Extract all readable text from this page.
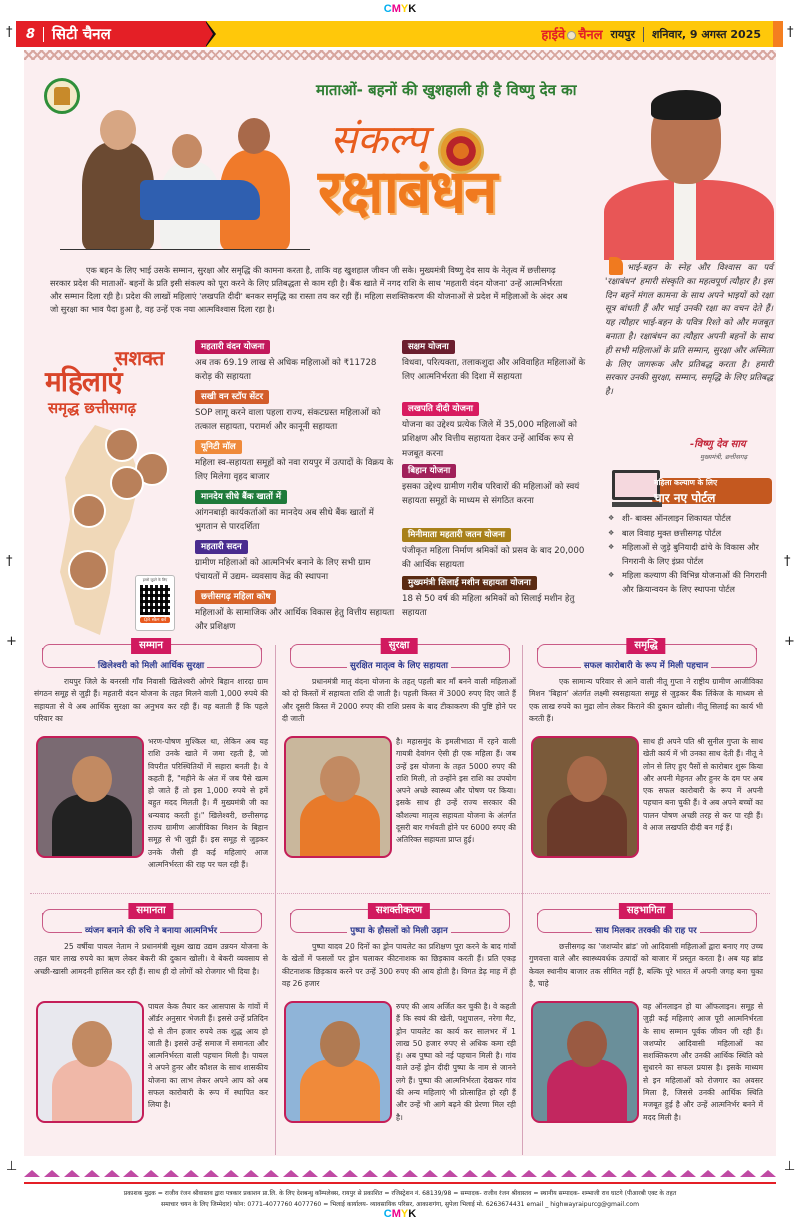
CMYK
†	†
†	†
+	+
⊥	⊥
8	सिटी चैनल	हाईवे चैनल रायपुर	शनिवार, 9 अगस्त 2025
माताओं- बहनों की खुशहाली ही है विष्णु देव का
संकल्प
रक्षाबंधन

एक बहन के लिए भाई उसके सम्मान, सुरक्षा और समृद्धि की कामना करता है, ताकि वह खुशहाल जीवन जी सके। मुख्यमंत्री विष्णु देव साय के नेतृत्व में छत्तीसगढ़ सरकार प्रदेश की माताओं- बहनों के प्रति इसी संकल्प को पूरा करने के लिए प्रतिबद्धता से काम रही है। बैंक खाते में नगद राशि के साथ 'महतारी वंदन योजना' उन्हें आत्मनिर्भरता और सम्मान दिला रही है। प्रदेश की लाखों महिलाएं 'लखपति दीदी' बनकर समृद्धि का रास्ता तय कर रही हैं। महिला सशक्तिकरण की योजनाओं से प्रदेश में महिलाओं के अंदर अब जो सुरक्षा का भाव पैदा हुआ है, वह उन्हें एक नया आत्मविश्वास दिला रहा है।

भाई-बहन के स्नेह और विश्वास का पर्व 'रक्षाबंधन' हमारी संस्कृति का महत्वपूर्ण त्यौहार है। इस दिन बहनें मंगल कामना के साथ अपने भाइयों को रक्षा सूत्र बांधती हैं और भाई उनकी रक्षा का वचन देते हैं। यह त्यौहार भाई-बहन के पवित्र रिश्ते को और मजबूत बनाता है। रक्षाबंधन का त्यौहार अपनी बहनों के साथ ही सभी महिलाओं के प्रति सम्मान, सुरक्षा और अस्मिता के लिए जागरूक और प्रतिबद्ध करता है। हमारी सरकार उनकी सुरक्षा, सम्मान, समृद्धि के लिए प्रतिबद्ध है।
-विष्णु देव साय
मुख्यमंत्री, छत्तीसगढ़
महिला कल्याण के लिए
चार नए पोर्टल
❖ शी- बाक्स ऑनलाइन शिकायत पोर्टल
❖ बाल विवाह मुक्त छत्तीसगढ़ पोर्टल
❖ महिलाओं से जुड़े बुनियादी ढांचे के विकास और निगरानी के लिए इंफ्रा पोर्टल
❖ महिला कल्याण की विभिन्न योजनाओं की निगरानी और क्रियान्वयन के लिए स्थापना पोर्टल
सशक्त
महिलाएं
समृद्ध छत्तीसगढ़
हमसे जुड़ने के लिए
QR स्कैन करें
महतारी वंदन योजना
अब तक 69.19 लाख से अधिक महिलाओं को ₹11728 करोड़ की सहायता
सखी वन स्टॉप सेंटर
SOP लागू करने वाला पहला राज्य, संकटग्रस्त महिलाओं को तत्काल सहायता, परामर्श और कानूनी सहायता
यूनिटी मॉल
महिला स्व-सहायता समूहों को नवा रायपुर में उत्पादों के विक्रय के लिए मिलेगा वृहद बाजार
मानदेय सीधे बैंक खातों में
आंगनबाड़ी कार्यकर्ताओं का मानदेय अब सीधे बैंक खातों में भुगतान से पारदर्शिता
महतारी सदन
ग्रामीण महिलाओं को आत्मनिर्भर बनाने के लिए सभी ग्राम पंचायतों में उद्यम- व्यवसाय केंद्र की स्थापना
छत्तीसगढ़ महिला कोष
महिलाओं के सामाजिक और आर्थिक विकास हेतु वित्तीय सहायता और प्रशिक्षण
सक्षम योजना
विधवा, परित्यक्ता, तलाकशुदा और अविवाहित महिलाओं के लिए आत्मनिर्भरता की दिशा में सहायता
लखपति दीदी योजना
योजना का उद्देश्य प्रत्येक जिले में 35,000 महिलाओं को प्रशिक्षण और वित्तीय सहायता देकर उन्हें आर्थिक रूप से मजबूत करना
बिहान योजना
इसका उद्देश्य ग्रामीण गरीब परिवारों की महिलाओं को स्वयं सहायता समूहों के माध्यम से संगठित करना
मिनीमाता महतारी जतन योजना
पंजीकृत महिला निर्माण श्रमिकों को प्रसव के बाद 20,000 की आर्थिक सहायता
मुख्यमंत्री सिलाई मशीन सहायता योजना
18 से 50 वर्ष की महिला श्रमिकों को सिलाई मशीन हेतु सहायता
सम्मान
खिलेश्वरी को मिली आर्थिक सुरक्षा
रायपुर जिले के बनरसी गाँव निवासी खिलेश्वरी ओगरे बिहान शारदा ग्राम संगठन समूह से जुड़ी हैं। महतारी वंदन योजना के तहत मिलने वाली 1,000 रुपये की सहायता से वे अब आर्थिक सुरक्षा का अनुभव कर रही हैं। वह बताती हैं कि पहले परिवार का
भरण-पोषण मुश्किल था, लेकिन अब यह राशि उनके खाते में जमा रहती है, जो विपरीत परिस्थितियों में सहारा बनती है। वे कहती हैं, "महीने के अंत में जब पैसे खत्म हो जाते हैं तो इस 1,000 रुपये से हमें बहुत मदद मिलती है। मैं मुख्यमंत्री जी का धन्यवाद करती हूं।" खिलेश्वरी, छत्तीसगढ़ राज्य ग्रामीण आजीविका मिशन के बिहान समूह से भी जुड़ी हैं। इस समूह से जुड़कर उनके जैसी ही कई महिलाएं आज आत्मनिर्भरता की राह पर चल रही हैं।
सुरक्षा
सुरक्षित मातृत्व के लिए सहायता
प्रधानमंत्री मातृ वंदना योजना के तहत् पहली बार माँ बनने वाली महिलाओं को दो किस्तों में सहायता राशि दी जाती है। पहली किस्त में 3000 रुपए दिए जाते हैं और दूसरी किस्त में 2000 रुपए की राशि प्रसव के बाद टीकाकरण की पुष्टि होने पर दी जाती
है। महासमुंद के इमलीभाठा में रहने वाली गायत्री देवांगन ऐसी ही एक महिला हैं। जब उन्हें इस योजना के तहत 5000 रुपए की राशि मिली, तो उन्होंने इस राशि का उपयोग अपने अच्छे स्वास्थ्य और पोषण पर किया। इसके साथ ही उन्हें राज्य सरकार की कौशल्या मातृत्व सहायता योजना के अंतर्गत दूसरी बार गर्भवती होने पर 6000 रुपए की अतिरिक्त सहायता प्राप्त हुई।
समृद्धि
सफल कारोबारी के रूप में मिली पहचान
एक सामान्य परिवार से आने वाली नीतू गुप्ता ने राष्ट्रीय ग्रामीण आजीविका मिशन 'बिहान' अंतर्गत लक्ष्मी स्वसहायता समूह से जुड़कर बैंक लिंकेज के माध्यम से एक लाख रुपये का मुद्रा लोन लेकर किराने की दुकान खोली। नीतू सिलाई का कार्य भी करती हैं।
साथ ही अपने पति श्री सुनील गुप्ता के साथ खेती कार्य में भी उनका साथ देती हैं। नीतू ने लोन से लिए हुए पैसों से कारोबार शुरू किया और अपनी मेहनत और हुनर के दम पर अब एक सफल कारोबारी के रूप में अपनी पहचान बना चुकी हैं। वे अब अपने बच्चों का पालन पोषण अच्छी तरह से कर पा रही हैं। वे आज लखपति दीदी बन गई हैं।
समानता
व्यंजन बनाने की रुचि ने बनाया आत्मनिर्भर
25 वर्षीया पायल नेताम ने प्रधानमंत्री सूक्ष्म खाद्य उद्यम उन्नयन योजना के तहत चार लाख रुपये का ऋण लेकर बेकरी की दुकान खोली। वे बेकरी व्यवसाय से अच्छी-खासी आमदनी हासिल कर रही हैं। साथ ही दो लोगों को रोजगार भी दिया है।
पायल केक तैयार कर आसपास के गांवों में ऑर्डर अनुसार भेजती हैं। इससे उन्हें प्रतिदिन दो से तीन हजार रुपये तक शुद्ध आय हो जाती है। इससे उन्हें समाज में समानता और आत्मनिर्भरता वाली पहचान मिली है। पायल ने अपने हुनर और कौशल के साथ शासकीय योजना का लाभ लेकर अपने आप को अब सफल कारोबारी के रूप में स्थापित कर लिया है।
सशक्तीकरण
पुष्पा के हौसलों को मिली उड़ान
पुष्पा यादव 20 दिनों का ड्रोन पायलेट का प्रशिक्षण पूरा करने के बाद गांवों के खेतों में फसलों पर ड्रोन चलाकर कीटनाशक का छिड़काव करती हैं। प्रति एकड़ कीटनाशक छिड़काव करने पर उन्हें 300 रुपए की आय होती है। विगत डेढ़ माह में ही वह 26 हजार
रुपए की आय अर्जित कर चुकी है। वे कहती हैं कि स्वयं की खेती, पशुपालन, नरेगा मैट, ड्रोन पायलेट का कार्य कर सालभर में 1 लाख 50 हजार रुपए से अधिक कमा रही हूं। अब पुष्पा को नई पहचान मिली है। गांव वाले उन्हें ड्रोन दीदी पुष्पा के नाम से जानने लगे हैं। पुष्पा की आत्मनिर्भरता देखकर गांव की अन्य महिलाएं भी प्रोत्साहित हो रही हैं और उन्हें भी आगे बढ़ने की प्रेरणा मिल रही है।
सहभागिता
साथ मिलकर तरक्की की राह पर
छत्तीसगढ़ का 'जशप्योर ब्रांड' जो आदिवासी महिलाओं द्वारा बनाए गए उच्च गुणवत्ता वाले और स्वास्थ्यवर्धक उत्पादों को बाजार में प्रस्तुत करता है। अब यह ब्रांड केवल स्थानीय बाजार तक सीमित नहीं है, बल्कि पूरे भारत में अपनी जगह बना चुका है, चाहे
वह ऑनलाइन हो या ऑफलाइन। समूह से जुड़ी कई महिलाएं आज पूरी आत्मनिर्भरता के साथ सम्मान पूर्वक जीवन जी रही हैं। जशप्योर आदिवासी महिलाओं का सशक्तिकरण और उनकी आर्थिक स्थिति को सुधारने का सफल प्रयास है। इसके माध्यम से इन महिलाओं को रोजगार का अवसर मिला है, जिससे उनकी आर्थिक स्थिति मजबूत हुई है और उन्हें आत्मनिर्भर बनने में मदद मिली है।
प्रकाशक मुद्रक = राजीव रंजन श्रीवास्तव द्वारा पत्रकार प्रकाशन प्रा.लि. के लिए देशबन्धु कॉम्पलेक्स, रायपुर से प्रकाशित = रजिस्ट्रेशन नं. 68139/98 = सम्पादक- राजीव रंजन श्रीवास्तव = स्थानीय सम्पादक- शम्भाजी राव घाटगे (पीआरबी एक्ट के तहत
समाचार चयन के लिए जिम्मेदार) फोन: 0771-4077760 4077760 = भिलाई कार्यालय- व्यावसायिक परिसर, आकाशगंगा, सुपेला भिलाई मो. 6263674431 email _ highwayraipurcg@gmail.com
CMYK
